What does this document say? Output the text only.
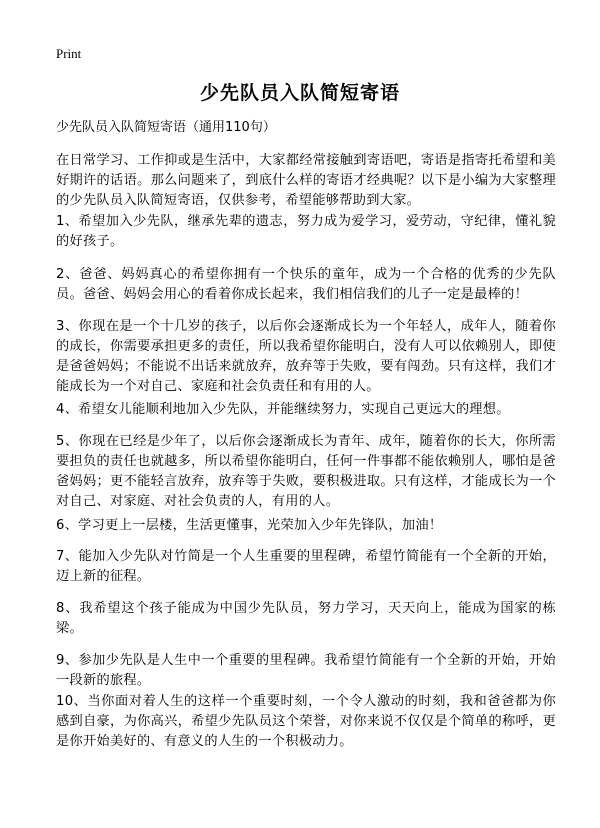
Print
少先队员入队简短寄语
少先队员入队简短寄语（通用110句）

在日常学习、工作抑或是生活中，大家都经常接触到寄语吧，寄语是指寄托希望和美好期许的话语。那么问题来了，到底什么样的寄语才经典呢？以下是小编为大家整理的少先队员入队简短寄语，仅供参考，希望能够帮助到大家。

1、希望加入少先队，继承先辈的遗志，努力成为爱学习，爱劳动，守纪律，懂礼貌的好孩子。

2、爸爸、妈妈真心的希望你拥有一个快乐的童年，成为一个合格的优秀的少先队员。爸爸、妈妈会用心的看着你成长起来，我们相信我们的儿子一定是最棒的！

3、你现在是一个十几岁的孩子，以后你会逐渐成长为一个年轻人，成年人，随着你的成长，你需要承担更多的责任，所以我希望你能明白，没有人可以依赖别人，即使是爸爸妈妈；不能说不出话来就放弃，放弃等于失败，要有闯劲。只有这样，我们才能成长为一个对自己、家庭和社会负责任和有用的人。

4、希望女儿能顺利地加入少先队，并能继续努力，实现自己更远大的理想。

5、你现在已经是少年了，以后你会逐渐成长为青年、成年，随着你的长大，你所需要担负的责任也就越多，所以希望你能明白，任何一件事都不能依赖别人，哪怕是爸爸妈妈；更不能轻言放弃，放弃等于失败，要积极进取。只有这样，才能成长为一个对自己、对家庭、对社会负责的人，有用的人。

6、学习更上一层楼，生活更懂事，光荣加入少年先锋队，加油！

7、能加入少先队对竹简是一个人生重要的里程碑，希望竹简能有一个全新的开始，迈上新的征程。

8、我希望这个孩子能成为中国少先队员，努力学习，天天向上，能成为国家的栋梁。

9、参加少先队是人生中一个重要的里程碑。我希望竹简能有一个全新的开始，开始一段新的旅程。

10、当你面对着人生的这样一个重要时刻，一个令人激动的时刻，我和爸爸都为你感到自豪，为你高兴，希望少先队员这个荣誉，对你来说不仅仅是个简单的称呼，更是你开始美好的、有意义的人生的一个积极动力。
